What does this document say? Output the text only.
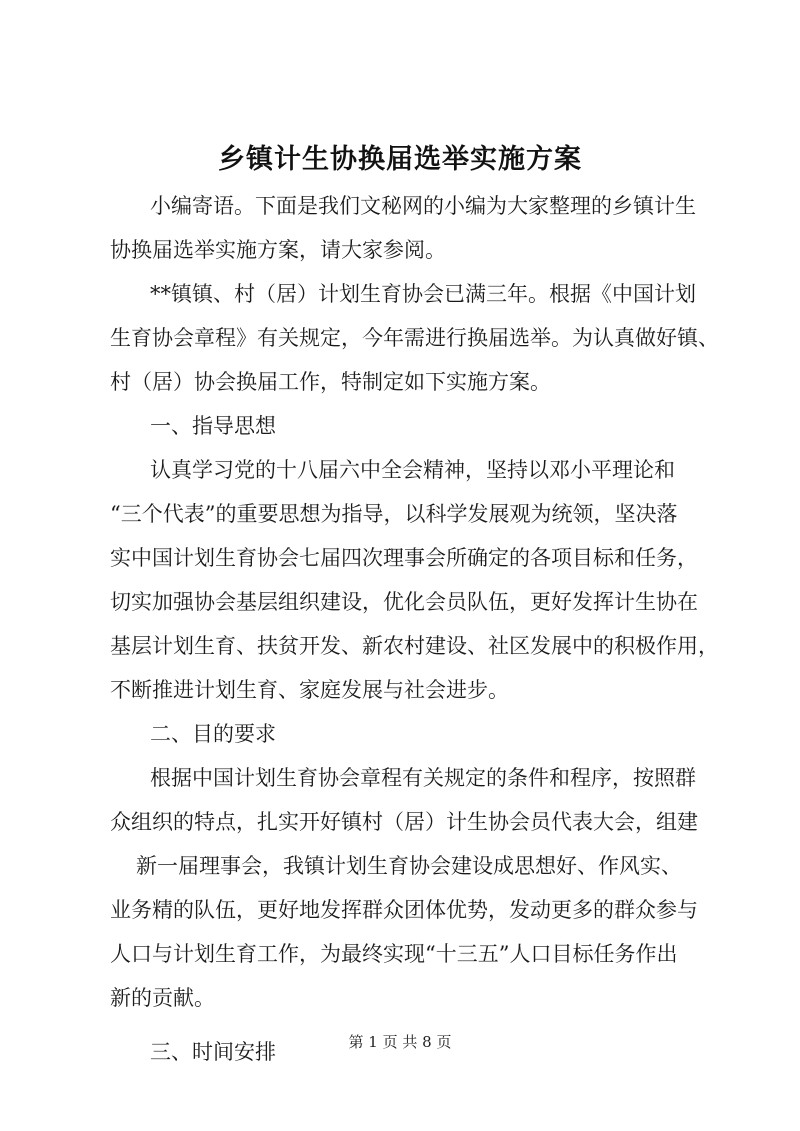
乡镇计生协换届选举实施方案
小编寄语。下面是我们文秘网的小编为大家整理的乡镇计生
协换届选举实施方案，请大家参阅。
**镇镇、村（居）计划生育协会已满三年。根据《中国计划
生育协会章程》有关规定，今年需进行换届选举。为认真做好镇、
村（居）协会换届工作，特制定如下实施方案。
一、指导思想
认真学习党的十八届六中全会精神，坚持以邓小平理论和
“三个代表”的重要思想为指导，以科学发展观为统领，坚决落
实中国计划生育协会七届四次理事会所确定的各项目标和任务，
切实加强协会基层组织建设，优化会员队伍，更好发挥计生协在
基层计划生育、扶贫开发、新农村建设、社区发展中的积极作用，
不断推进计划生育、家庭发展与社会进步。
二、目的要求
根据中国计划生育协会章程有关规定的条件和程序，按照群
众组织的特点，扎实开好镇村（居）计生协会员代表大会，组建
新一届理事会，我镇计划生育协会建设成思想好、作风实、
业务精的队伍，更好地发挥群众团体优势，发动更多的群众参与
人口与计划生育工作，为最终实现“十三五”人口目标任务作出
新的贡献。
三、时间安排	第 1 页 共 8 页
